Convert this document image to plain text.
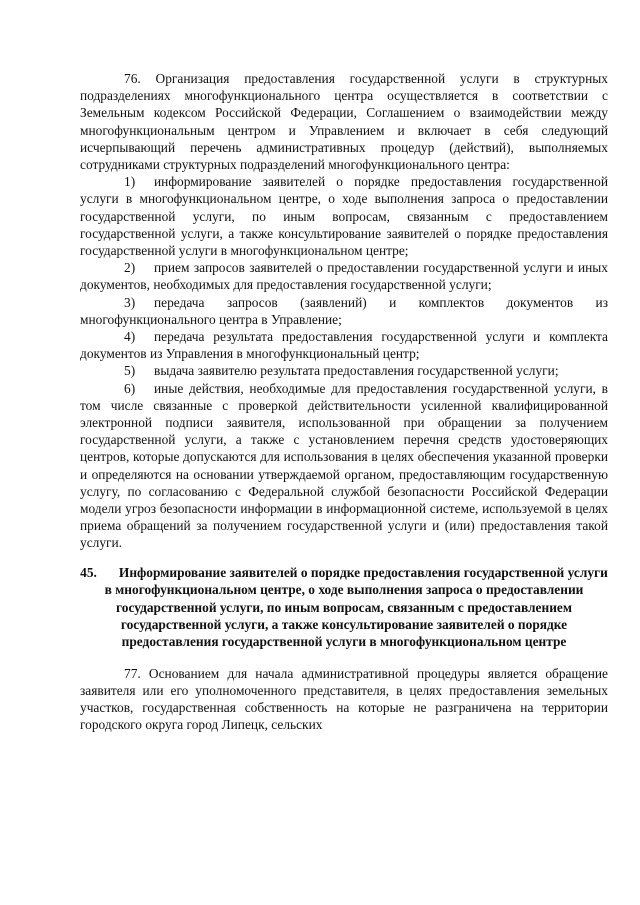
76. Организация предоставления государственной услуги в структурных подразделениях многофункционального центра осуществляется в соответствии с Земельным кодексом Российской Федерации, Соглашением о взаимодействии между многофункциональным центром и Управлением и включает в себя следующий исчерпывающий перечень административных процедур (действий), выполняемых сотрудниками структурных подразделений многофункционального центра:

1) информирование заявителей о порядке предоставления государственной услуги в многофункциональном центре, о ходе выполнения запроса о предоставлении государственной услуги, по иным вопросам, связанным с предоставлением государственной услуги, а также консультирование заявителей о порядке предоставления государственной услуги в многофункциональном центре;

2) прием запросов заявителей о предоставлении государственной услуги и иных документов, необходимых для предоставления государственной услуги;

3) передача запросов (заявлений) и комплектов документов из многофункционального центра в Управление;

4) передача результата предоставления государственной услуги и комплекта документов из Управления в многофункциональный центр;

5) выдача заявителю результата предоставления государственной услуги;

6) иные действия, необходимые для предоставления государственной услуги, в том числе связанные с проверкой действительности усиленной квалифицированной электронной подписи заявителя, использованной при обращении за получением государственной услуги, а также с установлением перечня средств удостоверяющих центров, которые допускаются для использования в целях обеспечения указанной проверки и определяются на основании утверждаемой органом, предоставляющим государственную услугу, по согласованию с Федеральной службой безопасности Российской Федерации модели угроз безопасности информации в информационной системе, используемой в целях приема обращений за получением государственной услуги и (или) предоставления такой услуги.

45. Информирование заявителей о порядке предоставления государственной услуги в многофункциональном центре, о ходе выполнения запроса о предоставлении государственной услуги, по иным вопросам, связанным с предоставлением государственной услуги, а также консультирование заявителей о порядке предоставления государственной услуги в многофункциональном центре

77. Основанием для начала административной процедуры является обращение заявителя или его уполномоченного представителя, в целях предоставления земельных участков, государственная собственность на которые не разграничена на территории городского округа город Липецк, сельских
